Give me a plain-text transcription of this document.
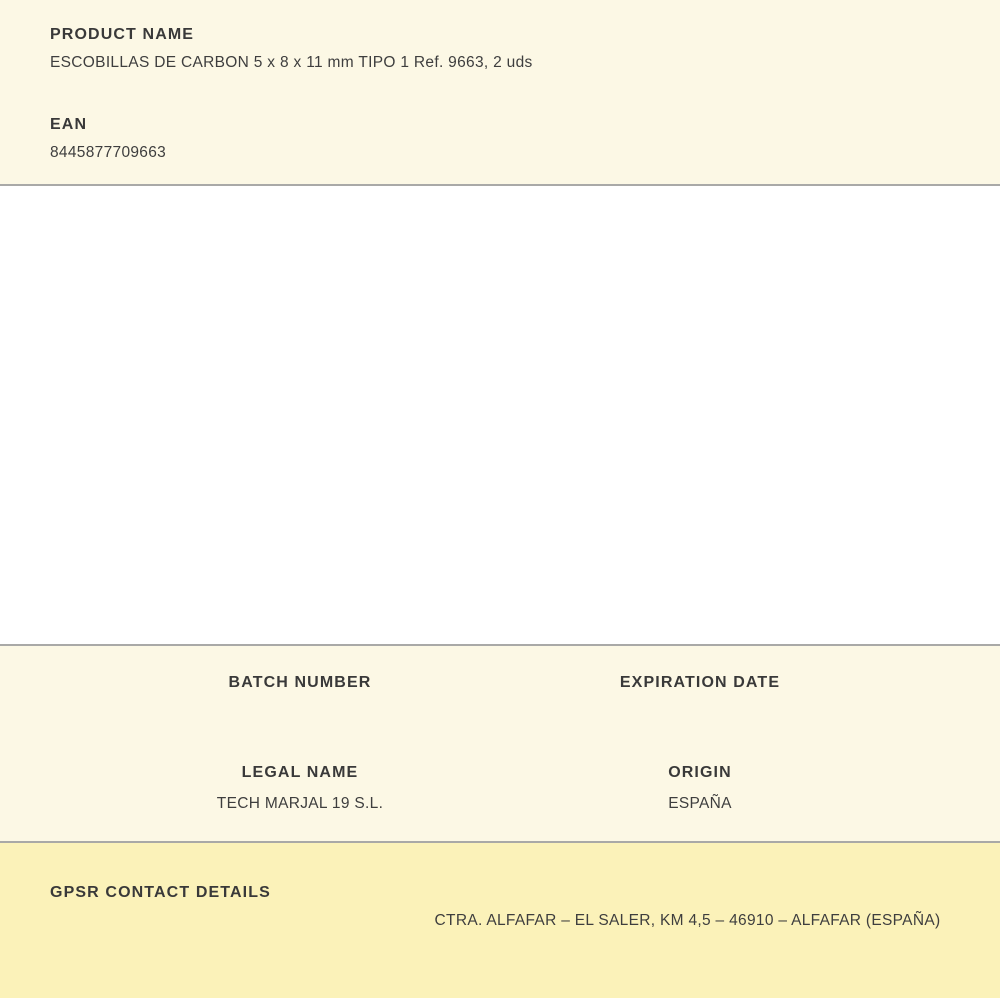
PRODUCT NAME
ESCOBILLAS DE CARBON 5 x 8 x 11 mm TIPO 1 Ref. 9663, 2 uds
EAN
8445877709663
BATCH NUMBER	EXPIRATION DATE
LEGAL NAME
TECH MARJAL 19 S.L.
ORIGIN
ESPAÑA
GPSR CONTACT DETAILS
CTRA. ALFAFAR – EL SALER, KM 4,5 – 46910 – ALFAFAR (ESPAÑA)
